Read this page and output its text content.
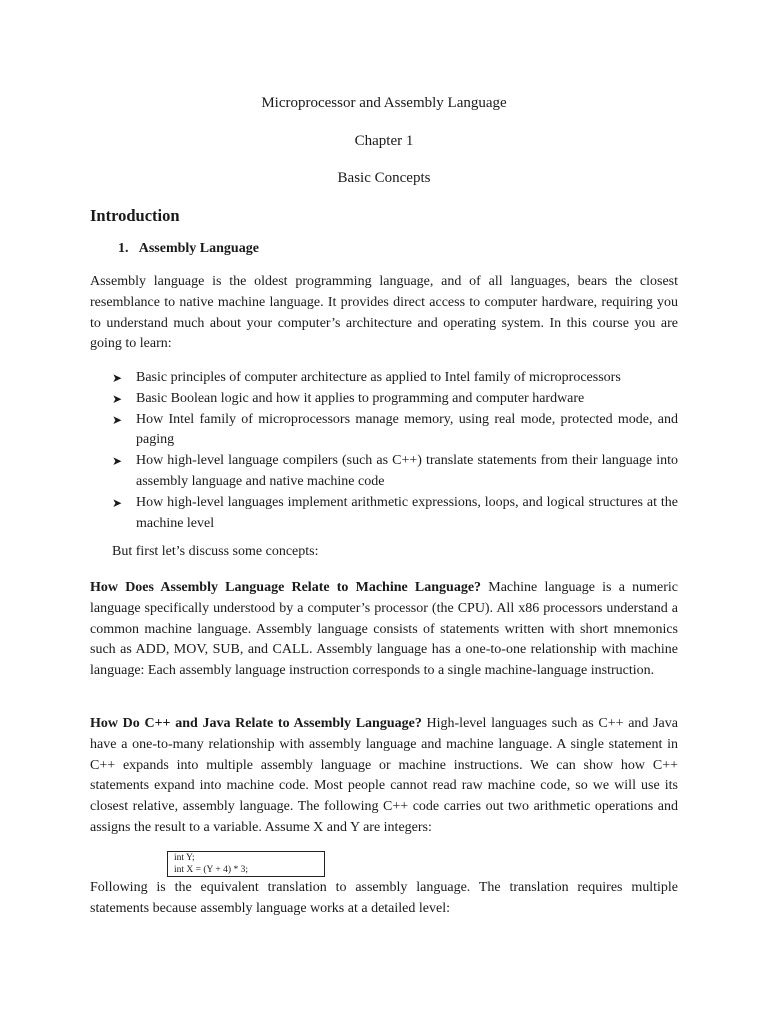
Microprocessor and Assembly Language

Chapter 1

Basic Concepts

Introduction
1. Assembly Language

Assembly language is the oldest programming language, and of all languages, bears the closest resemblance to native machine language. It provides direct access to computer hardware, requiring you to understand much about your computer’s architecture and operating system. In this course you are going to learn:

➤ Basic principles of computer architecture as applied to Intel family of microprocessors
➤ Basic Boolean logic and how it applies to programming and computer hardware
➤ How Intel family of microprocessors manage memory, using real mode, protected mode, and paging
➤ How high-level language compilers (such as C++) translate statements from their language into assembly language and native machine code
➤ How high-level languages implement arithmetic expressions, loops, and logical structures at the machine level

But first let’s discuss some concepts:

How Does Assembly Language Relate to Machine Language? Machine language is a numeric language specifically understood by a computer’s processor (the CPU). All x86 processors understand a common machine language. Assembly language consists of statements written with short mnemonics such as ADD, MOV, SUB, and CALL. Assembly language has a one-to-one relationship with machine language: Each assembly language instruction corresponds to a single machine-language instruction.

How Do C++ and Java Relate to Assembly Language? High-level languages such as C++ and Java have a one-to-many relationship with assembly language and machine language. A single statement in C++ expands into multiple assembly language or machine instructions. We can show how C++ statements expand into machine code. Most people cannot read raw machine code, so we will use its closest relative, assembly language. The following C++ code carries out two arithmetic operations and assigns the result to a variable. Assume X and Y are integers:

int Y;
int X = (Y + 4) * 3;

Following is the equivalent translation to assembly language. The translation requires multiple statements because assembly language works at a detailed level:
